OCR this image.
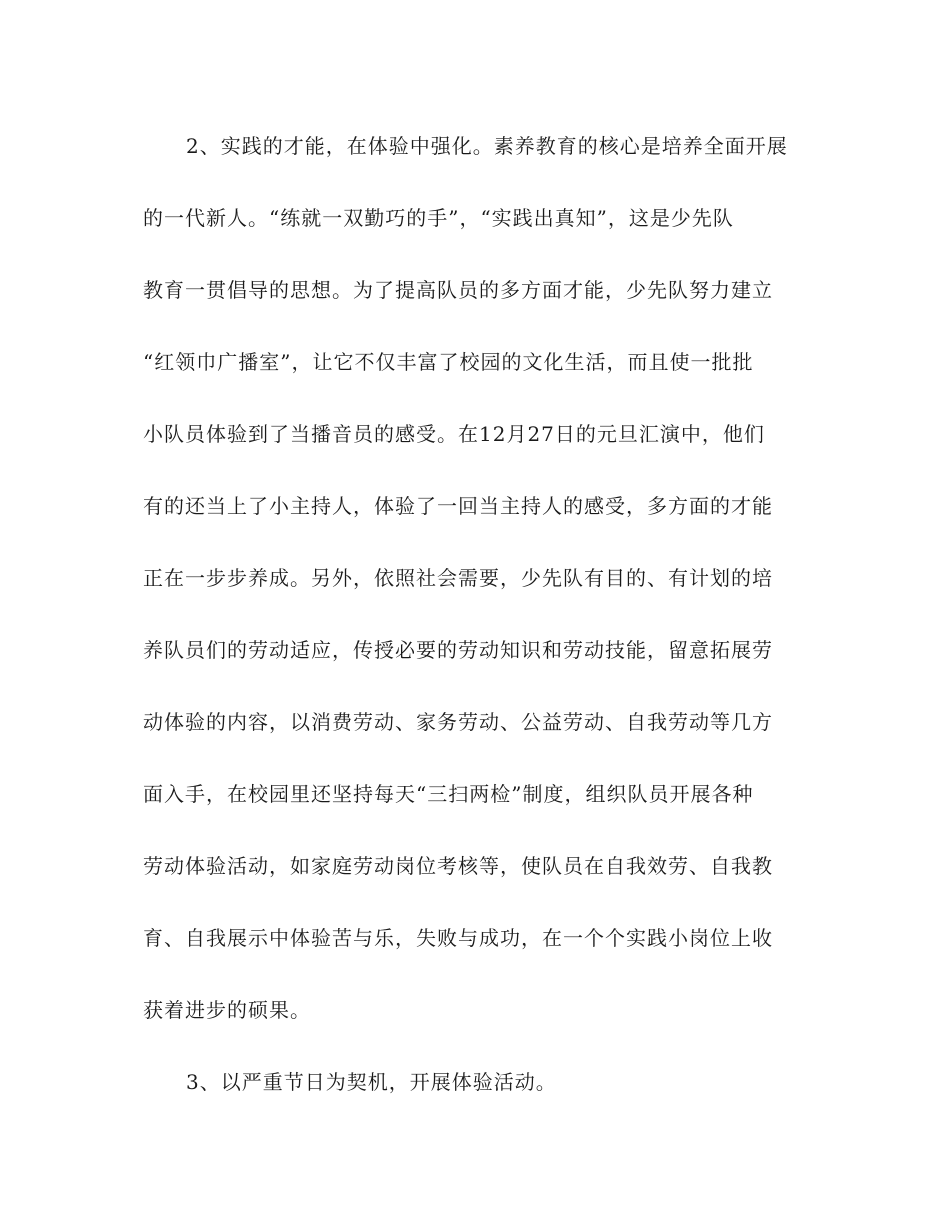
2、实践的才能，在体验中强化。素养教育的核心是培养全面开展
的一代新人。“练就一双勤巧的手”，“实践出真知”，这是少先队
教育一贯倡导的思想。为了提高队员的多方面才能，少先队努力建立
“红领巾广播室”，让它不仅丰富了校园的文化生活，而且使一批批
小队员体验到了当播音员的感受。在12月27日的元旦汇演中，他们
有的还当上了小主持人，体验了一回当主持人的感受，多方面的才能
正在一步步养成。另外，依照社会需要，少先队有目的、有计划的培
养队员们的劳动适应，传授必要的劳动知识和劳动技能，留意拓展劳
动体验的内容，以消费劳动、家务劳动、公益劳动、自我劳动等几方
面入手，在校园里还坚持每天“三扫两检”制度，组织队员开展各种
劳动体验活动，如家庭劳动岗位考核等，使队员在自我效劳、自我教
育、自我展示中体验苦与乐，失败与成功，在一个个实践小岗位上收
获着进步的硕果。
3、以严重节日为契机，开展体验活动。
